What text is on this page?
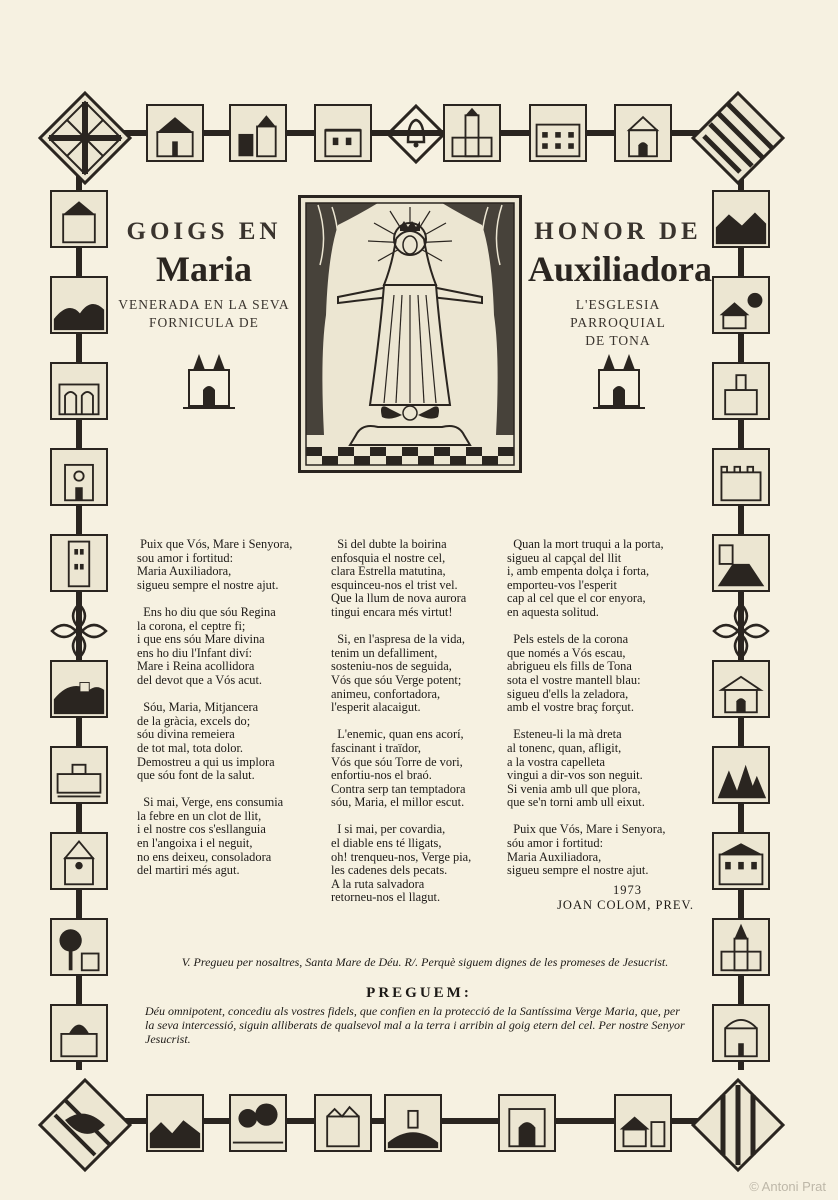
GOIGS EN
Maria
VENERADA EN LA SEVA
FORNICULA DE
HONOR DE
Auxiliadora
L'ESGLESIA PARROQUIAL
DE TONA
Puix que Vós, Mare i Senyora,
sou amor i fortitud:
Maria Auxiliadora,
sigueu sempre el nostre ajut.

Ens ho diu que sóu Regina
la corona, el ceptre fi;
i que ens sóu Mare divina
ens ho diu l'Infant diví:
Mare i Reina acollidora
del devot que a Vós acut.

Sóu, Maria, Mitjancera
de la gràcia, excels do;
sóu divina remeiera
de tot mal, tota dolor.
Demostreu a qui us implora
que sóu font de la salut.

Si mai, Verge, ens consumia
la febre en un clot de llit,
i el nostre cos s'esllanguia
en l'angoixa i el neguit,
no ens deixeu, consoladora
del martiri més agut.
Si del dubte la boirina
enfosquia el nostre cel,
clara Estrella matutina,
esquinceu-nos el trist vel.
Que la llum de nova aurora
tingui encara més virtut!

Si, en l'aspresa de la vida,
tenim un defalliment,
sosteniu-nos de seguida,
Vós que sóu Verge potent;
animeu, confortadora,
l'esperit alacaigut.

L'enemic, quan ens acorí,
fascinant i traïdor,
Vós que sóu Torre de vori,
enfortiu-nos el braó.
Contra serp tan temptadora
sóu, Maria, el millor escut.

I si mai, per covardia,
el diable ens té lligats,
oh! trenqueu-nos, Verge pia,
les cadenes dels pecats.
A la ruta salvadora
retorneu-nos el llagut.
Quan la mort truqui a la porta,
sigueu al capçal del llit
i, amb empenta dolça i forta,
emporteu-vos l'esperit
cap al cel que el cor enyora,
en aquesta solitud.

Pels estels de la corona
que només a Vós escau,
abrigueu els fills de Tona
sota el vostre mantell blau:
sigueu d'ells la zeladora,
amb el vostre braç forçut.

Esteneu-li la mà dreta
al tonenc, quan, afligit,
a la vostra capelleta
vingui a dir-vos son neguit.
Si venia amb ull que plora,
que se'n torni amb ull eixut.

Puix que Vós, Mare i Senyora,
sóu amor i fortitud:
Maria Auxiliadora,
sigueu sempre el nostre ajut.
1973
JOAN COLOM, PREV.
V. Pregueu per nosaltres, Santa Mare de Déu. R/. Perquè siguem dignes de les promeses de Jesucrist.
PREGUEM:
Déu omnipotent, concediu als vostres fidels, que confien en la protecció de la Santíssima Verge Maria, que, per la seva intercessió, siguin alliberats de qualsevol mal a la terra i arribin al goig etern del cel. Per nostre Senyor Jesucrist.
© Antoni Prat
